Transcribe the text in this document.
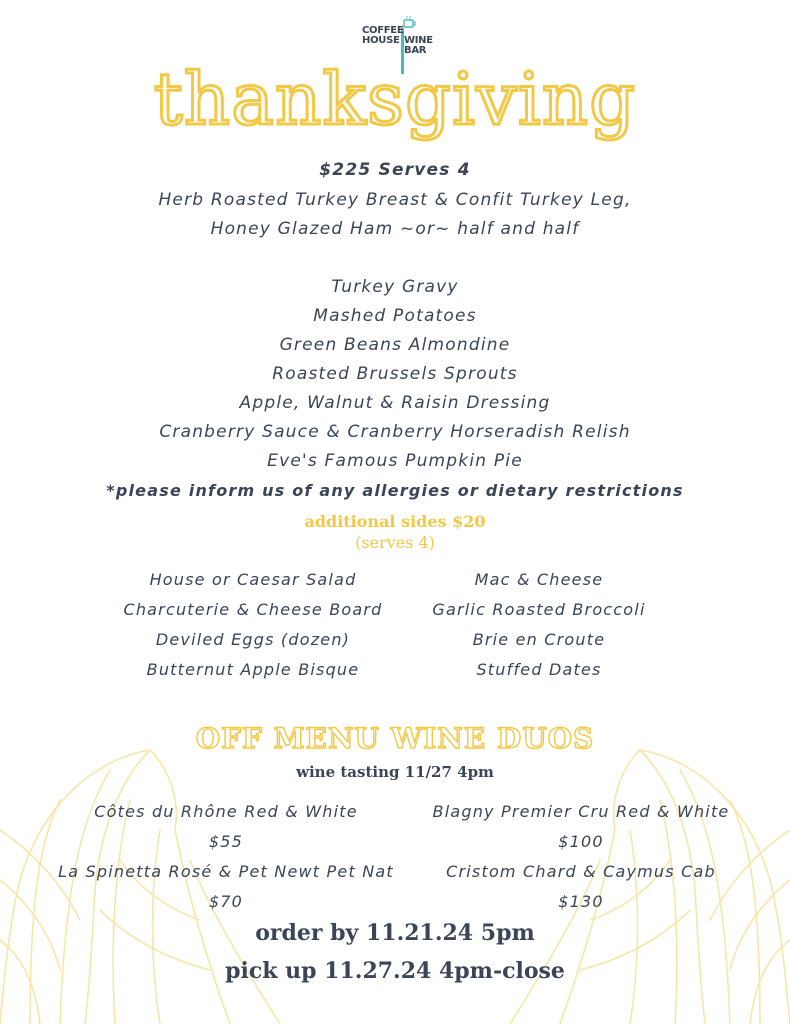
COFFEE
HOUSE WINE
BAR
thanksgiving
$225 Serves 4
Herb Roasted Turkey Breast & Confit Turkey Leg,
Honey Glazed Ham ~or~ half and half
Turkey Gravy
Mashed Potatoes
Green Beans Almondine
Roasted Brussels Sprouts
Apple, Walnut & Raisin Dressing
Cranberry Sauce & Cranberry Horseradish Relish
Eve's Famous Pumpkin Pie
*please inform us of any allergies or dietary restrictions
additional sides $20
(serves 4)
House or Caesar Salad
Charcuterie & Cheese Board
Deviled Eggs (dozen)
Butternut Apple Bisque
Mac & Cheese
Garlic Roasted Broccoli
Brie en Croute
Stuffed Dates
OFF MENU WINE DUOS
wine tasting 11/27 4pm
Côtes du Rhône Red & White
$55
La Spinetta Rosé & Pet Newt Pet Nat
$70
Blagny Premier Cru Red & White
$100
Cristom Chard & Caymus Cab
$130
order by 11.21.24 5pm
pick up 11.27.24 4pm-close
